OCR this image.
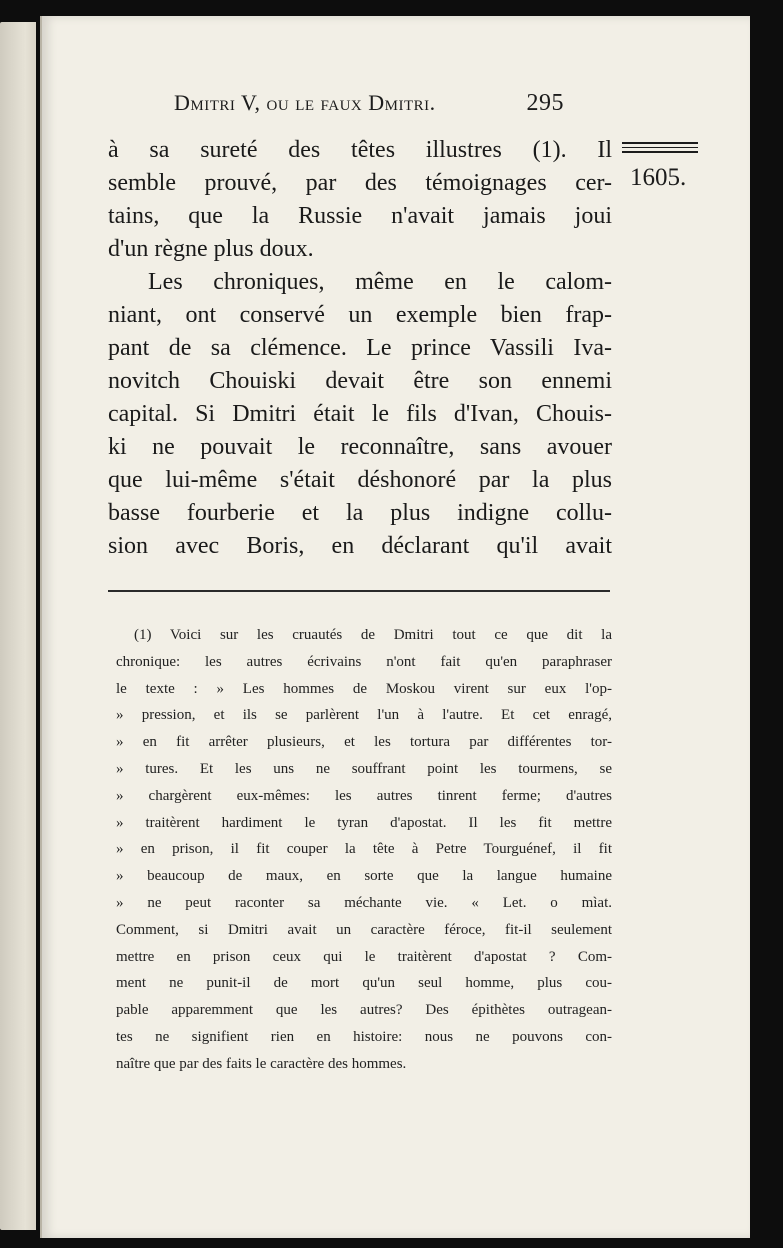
Dmitri V, ou le faux Dmitri.	295
1605.
à sa sureté des têtes illustres (1). Il
semble prouvé, par des témoignages cer-
tains, que la Russie n'avait jamais joui
d'un règne plus doux.
Les chroniques, même en le calom-
niant, ont conservé un exemple bien frap-
pant de sa clémence. Le prince Vassili Iva-
novitch Chouiski devait être son ennemi
capital. Si Dmitri était le fils d'Ivan, Chouis-
ki ne pouvait le reconnaître, sans avouer
que lui-même s'était déshonoré par la plus
basse fourberie et la plus indigne collu-
sion avec Boris, en déclarant qu'il avait
(1) Voici sur les cruautés de Dmitri tout ce que dit la
chronique: les autres écrivains n'ont fait qu'en paraphraser
le texte : » Les hommes de Moskou virent sur eux l'op-
» pression, et ils se parlèrent l'un à l'autre. Et cet enragé,
» en fit arrêter plusieurs, et les tortura par différentes tor-
» tures. Et les uns ne souffrant point les tourmens, se
» chargèrent eux-mêmes: les autres tinrent ferme; d'autres
» traitèrent hardiment le tyran d'apostat. Il les fit mettre
» en prison, il fit couper la tête à Petre Tourguénef, il fit
» beaucoup de maux, en sorte que la langue humaine
» ne peut raconter sa méchante vie. « Let. o mìat.
Comment, si Dmitri avait un caractère féroce, fit-il seulement
mettre en prison ceux qui le traitèrent d'apostat ? Com-
ment ne punit-il de mort qu'un seul homme, plus cou-
pable apparemment que les autres? Des épithètes outragean-
tes ne signifient rien en histoire: nous ne pouvons con-
naître que par des faits le caractère des hommes.
